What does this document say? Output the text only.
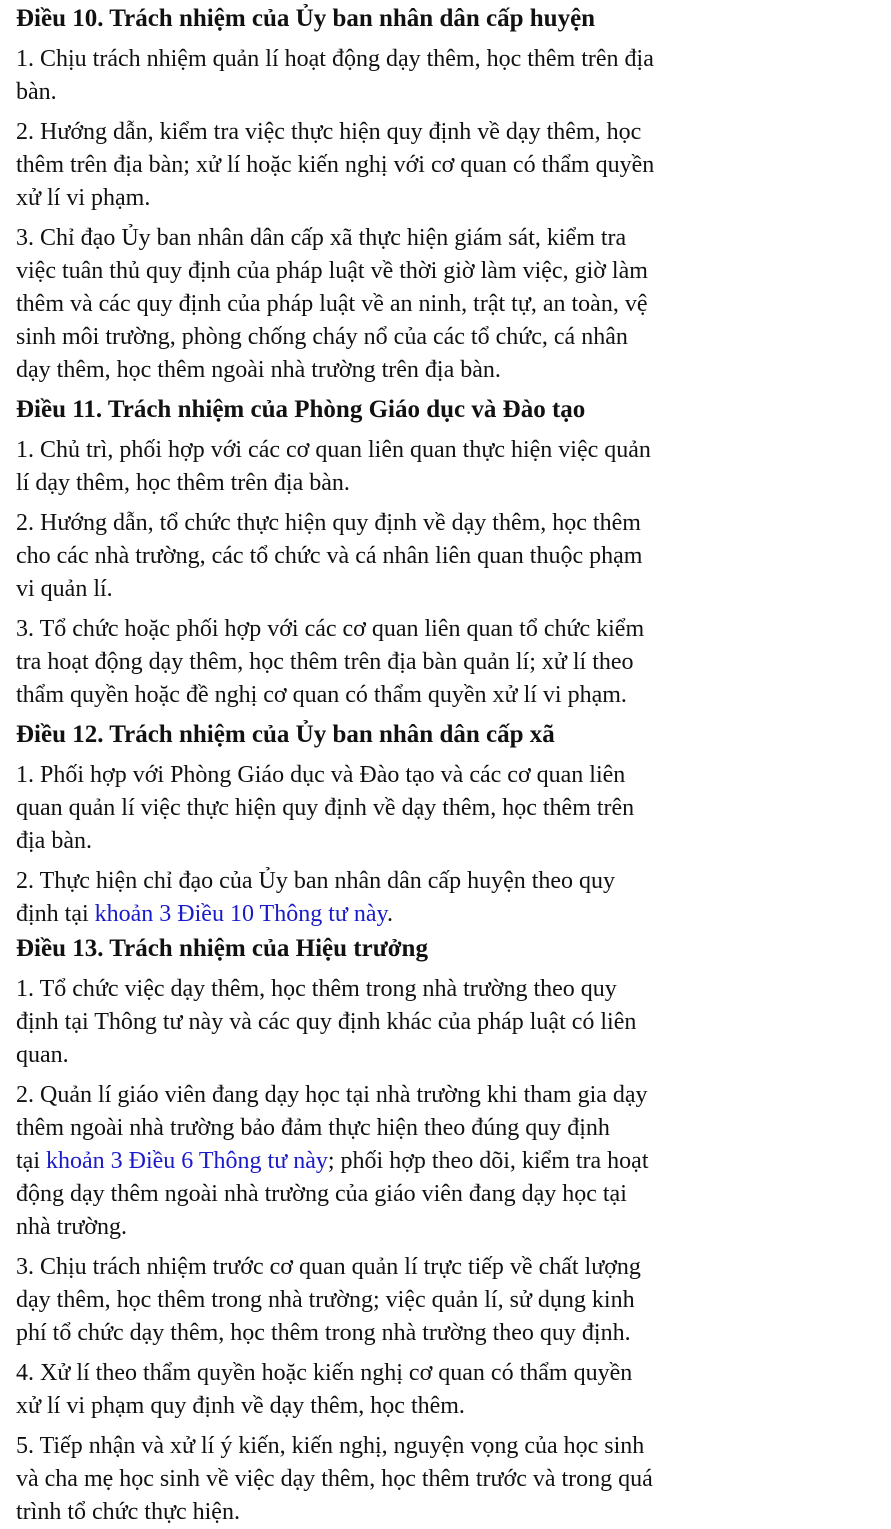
Điều 10. Trách nhiệm của Ủy ban nhân dân cấp huyện
1. Chịu trách nhiệm quản lí hoạt động dạy thêm, học thêm trên địa
bàn.
2. Hướng dẫn, kiểm tra việc thực hiện quy định về dạy thêm, học
thêm trên địa bàn; xử lí hoặc kiến nghị với cơ quan có thẩm quyền
xử lí vi phạm.
3. Chỉ đạo Ủy ban nhân dân cấp xã thực hiện giám sát, kiểm tra
việc tuân thủ quy định của pháp luật về thời giờ làm việc, giờ làm
thêm và các quy định của pháp luật về an ninh, trật tự, an toàn, vệ
sinh môi trường, phòng chống cháy nổ của các tổ chức, cá nhân
dạy thêm, học thêm ngoài nhà trường trên địa bàn.
Điều 11. Trách nhiệm của Phòng Giáo dục và Đào tạo
1. Chủ trì, phối hợp với các cơ quan liên quan thực hiện việc quản
lí dạy thêm, học thêm trên địa bàn.
2. Hướng dẫn, tổ chức thực hiện quy định về dạy thêm, học thêm
cho các nhà trường, các tổ chức và cá nhân liên quan thuộc phạm
vi quản lí.
3. Tổ chức hoặc phối hợp với các cơ quan liên quan tổ chức kiểm
tra hoạt động dạy thêm, học thêm trên địa bàn quản lí; xử lí theo
thẩm quyền hoặc đề nghị cơ quan có thẩm quyền xử lí vi phạm.
Điều 12. Trách nhiệm của Ủy ban nhân dân cấp xã
1. Phối hợp với Phòng Giáo dục và Đào tạo và các cơ quan liên
quan quản lí việc thực hiện quy định về dạy thêm, học thêm trên
địa bàn.
2. Thực hiện chỉ đạo của Ủy ban nhân dân cấp huyện theo quy
định tại khoản 3 Điều 10 Thông tư này.
Điều 13. Trách nhiệm của Hiệu trưởng
1. Tổ chức việc dạy thêm, học thêm trong nhà trường theo quy
định tại Thông tư này và các quy định khác của pháp luật có liên
quan.
2. Quản lí giáo viên đang dạy học tại nhà trường khi tham gia dạy
thêm ngoài nhà trường bảo đảm thực hiện theo đúng quy định
tại khoản 3 Điều 6 Thông tư này; phối hợp theo dõi, kiểm tra hoạt
động dạy thêm ngoài nhà trường của giáo viên đang dạy học tại
nhà trường.
3. Chịu trách nhiệm trước cơ quan quản lí trực tiếp về chất lượng
dạy thêm, học thêm trong nhà trường; việc quản lí, sử dụng kinh
phí tổ chức dạy thêm, học thêm trong nhà trường theo quy định.
4. Xử lí theo thẩm quyền hoặc kiến nghị cơ quan có thẩm quyền
xử lí vi phạm quy định về dạy thêm, học thêm.
5. Tiếp nhận và xử lí ý kiến, kiến nghị, nguyện vọng của học sinh
và cha mẹ học sinh về việc dạy thêm, học thêm trước và trong quá
trình tổ chức thực hiện.
